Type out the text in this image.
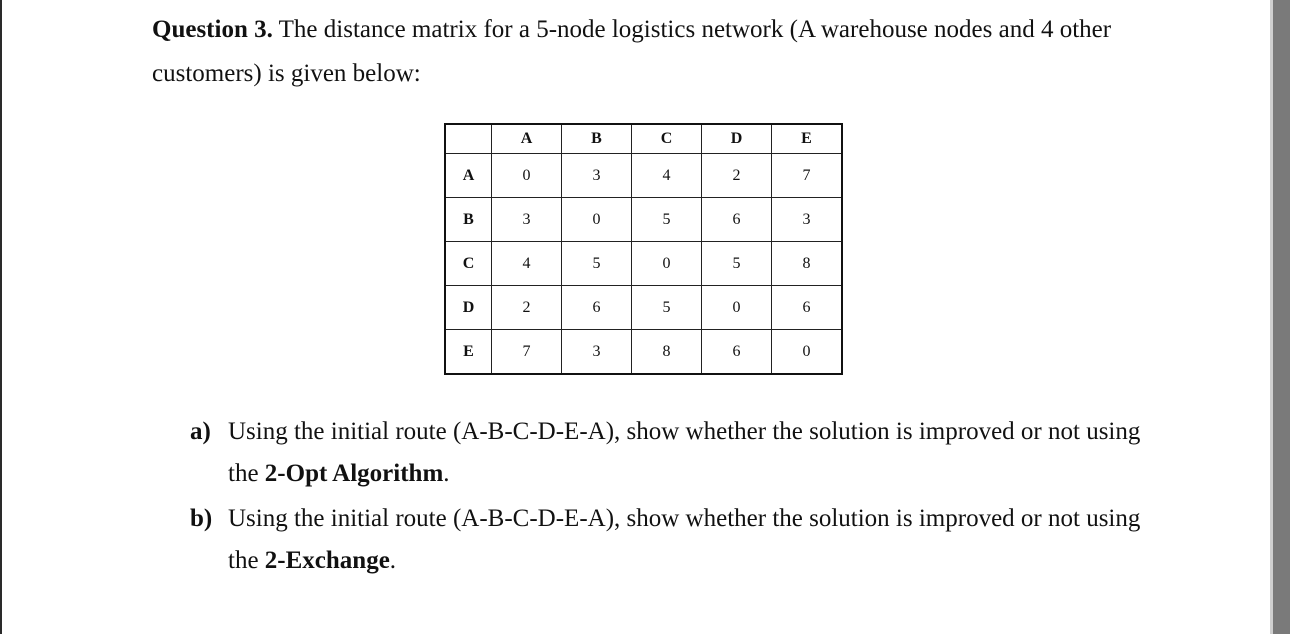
Question 3. The distance matrix for a 5-node logistics network (A warehouse nodes and 4 other customers) is given below:
	A	B	C	D	E
A	0	3	4	2	7
B	3	0	5	6	3
C	4	5	0	5	8
D	2	6	5	0	6
E	7	3	8	6	0
a) Using the initial route (A-B-C-D-E-A), show whether the solution is improved or not using the 2-Opt Algorithm.
b) Using the initial route (A-B-C-D-E-A), show whether the solution is improved or not using the 2-Exchange.
